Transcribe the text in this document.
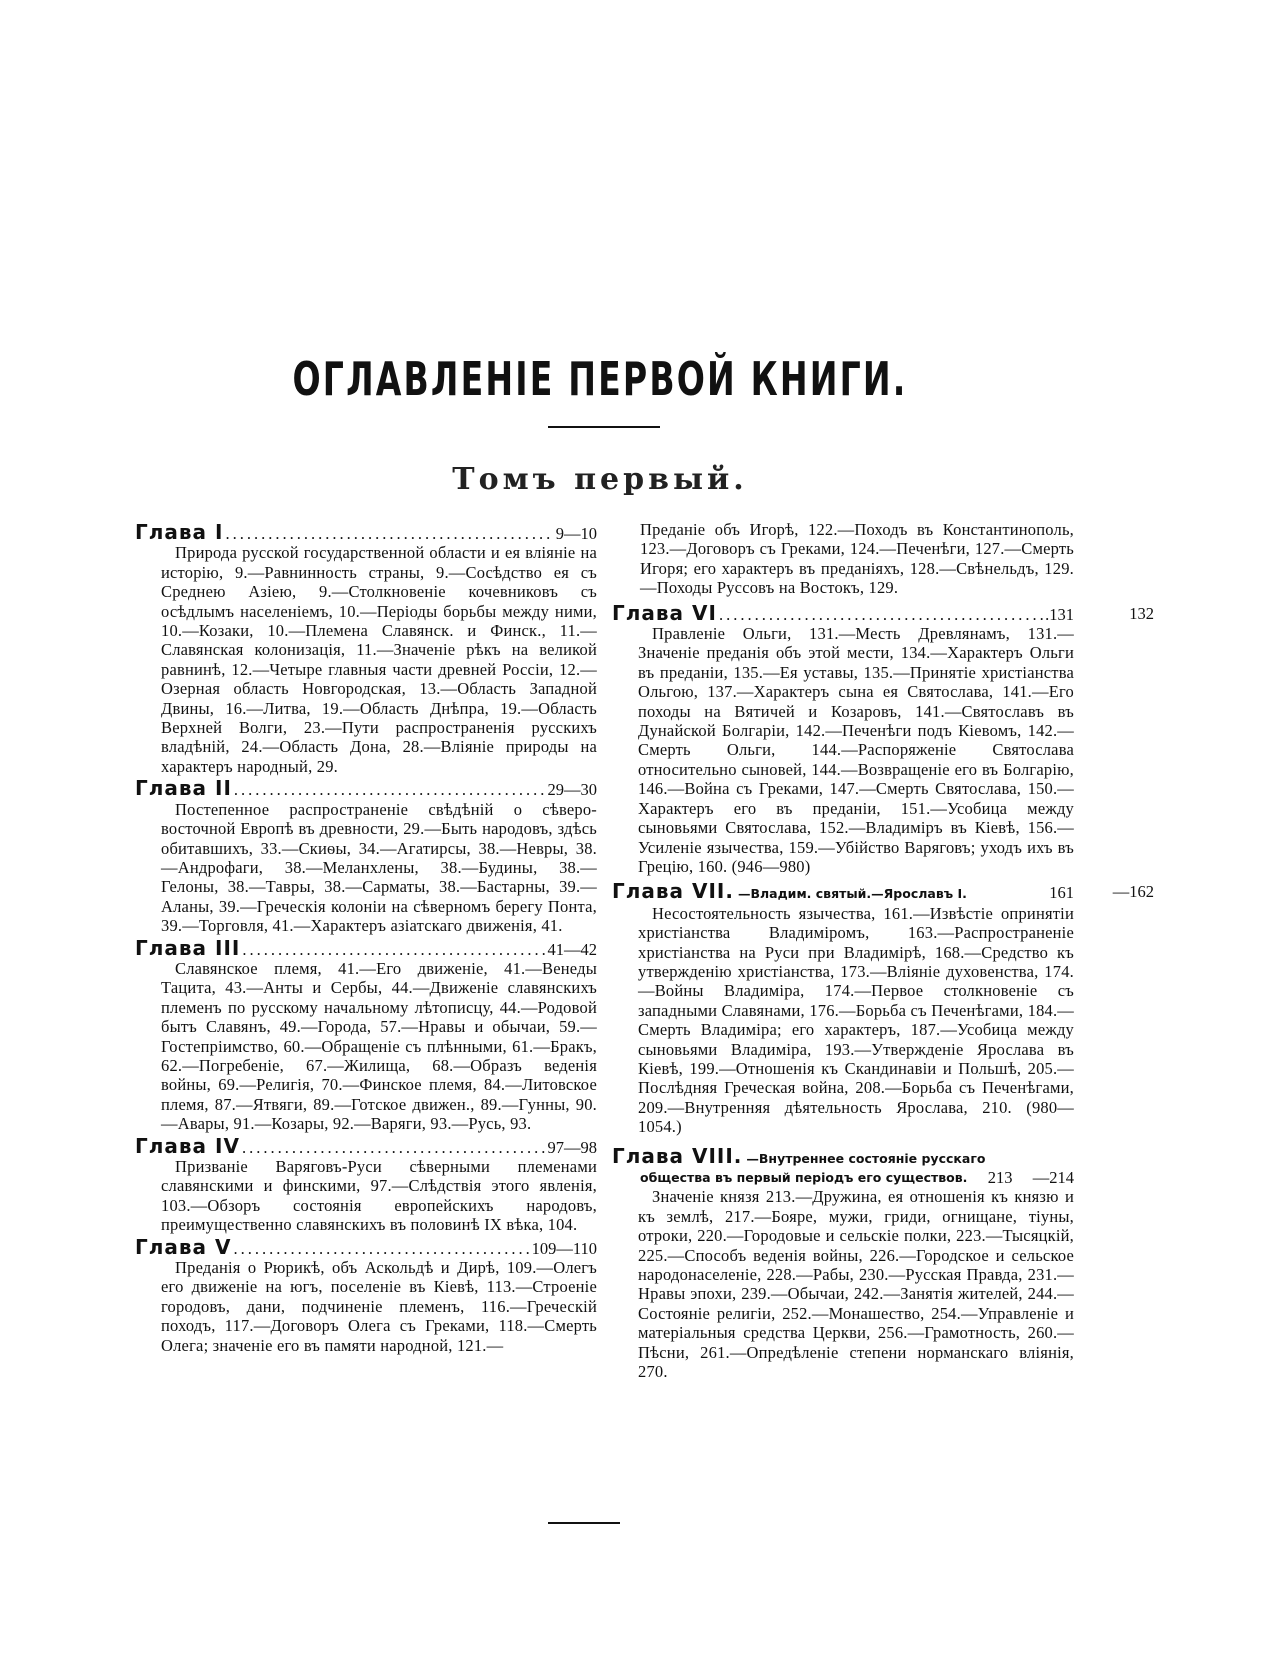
ОГЛАВЛЕНІЕ ПЕРВОЙ КНИГИ.
Томъ первый.
Глава I .....	9—10
Природа русской государственной области и ея вліяніе на исторію, 9.—Равнинность страны, 9.—Сосѣдство ея съ Среднею Азіею, 9.—Столкновеніе кочевниковъ съ осѣдлымъ населеніемъ, 10.—Періоды борьбы между ними, 10.—Козаки, 10.—Племена Славянск. и Финск., 11.—Славянская колонизація, 11.—Значеніе рѣкъ на великой равнинѣ, 12.—Четыре главныя части древней Россіи, 12.—Озерная область Новгородская, 13.—Область Западной Двины, 16.—Литва, 19.—Область Днѣпра, 19.—Область Верхней Волги, 23.—Пути распространенія русскихъ владѣній, 24.—Область Дона, 28.—Вліяніе природы на характеръ народный, 29.
Глава II .....	29—30
Постепенное распространеніе свѣдѣній о сѣверо-восточной Европѣ въ древности, 29.—Быть народовъ, здѣсь обитавшихъ, 33.—Скиѳы, 34.—Агатирсы, 38.—Невры, 38.—Андрофаги, 38.—Меланхлены, 38.—Будины, 38.—Гелоны, 38.—Тавры, 38.—Сарматы, 38.—Бастарны, 39.—Аланы, 39.—Греческія колоніи на сѣверномъ берегу Понта, 39.—Торговля, 41.—Характеръ азіатскаго движенія, 41.
Глава III .....	41—42
Славянское племя, 41.—Его движеніе, 41.—Венеды Тацита, 43.—Анты и Сербы, 44.—Движеніе славянскихъ племенъ по русскому начальному лѣтописцу, 44.—Родовой бытъ Славянъ, 49.—Города, 57.—Нравы и обычаи, 59.—Гостепріимство, 60.—Обращеніе съ плѣнными, 61.—Бракъ, 62.—Погребеніе, 67.—Жилища, 68.—Образъ веденія войны, 69.—Религія, 70.—Финское племя, 84.—Литовское племя, 87.—Ятвяги, 89.—Готское движен., 89.—Гунны, 90.—Авары, 91.—Козары, 92.—Варяги, 93.—Русь, 93.
Глава IV .....	97—98
Призваніе Варяговъ-Руси сѣверными племенами славянскими и финскими, 97.—Слѣдствія этого явленія, 103.—Обзоръ состоянія европейскихъ народовъ, преимущественно славянскихъ въ половинѣ IX вѣка, 104.
Глава V .....	109—110
Преданія о Рюрикѣ, объ Аскольдѣ и Дирѣ, 109.—Олегъ его движеніе на югъ, поселеніе въ Кіевѣ, 113.—Строеніе городовъ, дани, подчиненіе племенъ, 116.—Греческій походъ, 117.—Договоръ Олега съ Греками, 118.—Смерть Олега; значеніе его въ памяти народной, 121.—
Преданіе объ Игорѣ, 122.—Походъ въ Константинополь, 123.—Договоръ съ Греками, 124.—Печенѣги, 127.—Смерть Игоря; его характеръ въ преданіяхъ, 128.—Свѣнельдъ, 129.—Походы Руссовъ на Востокъ, 129.
Глава VI .....	.131	132
Правленіе Ольги, 131.—Месть Древлянамъ, 131.—Значеніе преданія объ этой мести, 134.—Характеръ Ольги въ преданіи, 135.—Ея уставы, 135.—Принятіе христіанства Ольгою, 137.—Характеръ сына ея Святослава, 141.—Его походы на Вятичей и Козаровъ, 141.—Святославъ въ Дунайской Болгаріи, 142.—Печенѣги подъ Кіевомъ, 142.—Смерть Ольги, 144.—Распоряженіе Святослава относительно сыновей, 144.—Возвращеніе его въ Болгарію, 146.—Война съ Греками, 147.—Смерть Святослава, 150.—Характеръ его въ преданіи, 151.—Усобица между сыновьями Святослава, 152.—Владиміръ въ Кіевѣ, 156.—Усиленіе язычества, 159.—Убійство Варяговъ; уходъ ихъ въ Грецію, 160. (946—980)
Глава VII. —Владим. святый.—Ярославъ I.	161 —162
Несостоятельность язычества, 161.—Извѣстіе опринятіи христіанства Владиміромъ, 163.—Распространеніе христіанства на Руси при Владимірѣ, 168.—Средство къ утвержденію христіанства, 173.—Вліяніе духовенства, 174.—Войны Владиміра, 174.—Первое столкновеніе съ западными Славянами, 176.—Борьба съ Печенѣгами, 184.—Смерть Владиміра; его характеръ, 187.—Усобица между сыновьями Владиміра, 193.—Утвержденіе Ярослава въ Кіевѣ, 199.—Отношенія къ Скандинавіи и Польшѣ, 205.—Послѣдняя Греческая война, 208.—Борьба съ Печенѣгами, 209.—Внутренняя дѣятельность Ярослава, 210. (980—1054.)
Глава VIII. —Внутреннее состояніе русскаго
общества въ первый періодъ его существов. 213 —214
Значеніе князя 213.—Дружина, ея отношенія къ князю и къ землѣ, 217.—Бояре, мужи, гриди, огнищане, тіуны, отроки, 220.—Городовые и сельскіе полки, 223.—Тысяцкій, 225.—Способъ веденія войны, 226.—Городское и сельское народонаселеніе, 228.—Рабы, 230.—Русская Правда, 231.—Нравы эпохи, 239.—Обычаи, 242.—Занятія жителей, 244.—Состояніе религіи, 252.—Монашество, 254.—Управленіе и матеріальныя средства Церкви, 256.—Грамотность, 260.—Пѣсни, 261.—Опредѣленіе степени норманскаго вліянія, 270.
